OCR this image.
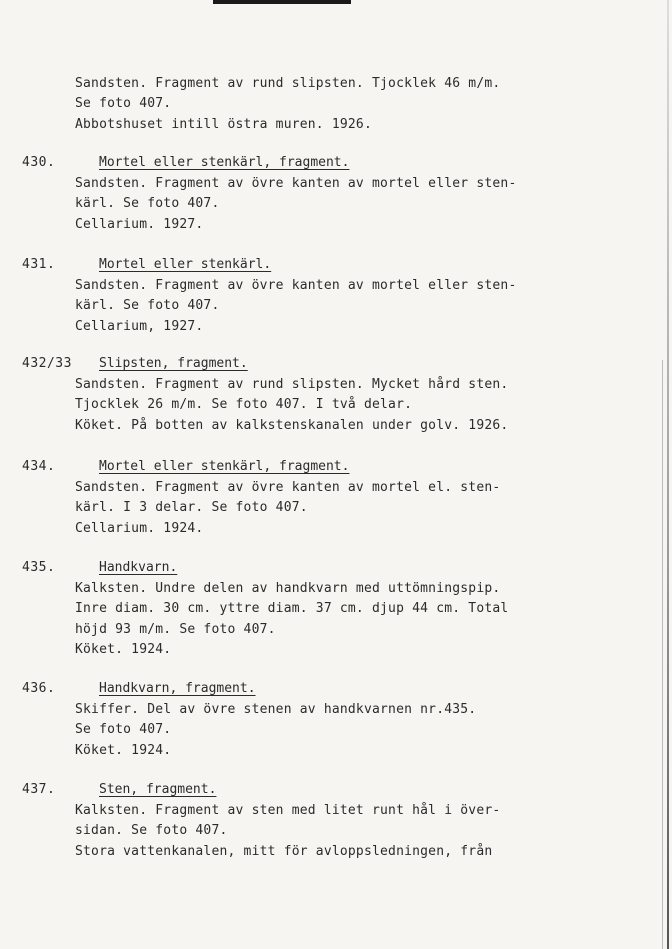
Sandsten. Fragment av rund slipsten. Tjocklek 46 m/m.
Se foto 407.
Abbotshuset intill östra muren. 1926.
430.	Mortel eller stenkärl, fragment.
Sandsten. Fragment av övre kanten av mortel eller sten-
kärl. Se foto 407.
Cellarium. 1927.
431.	Mortel eller stenkärl.
Sandsten. Fragment av övre kanten av mortel eller sten-
kärl. Se foto 407.
Cellarium, 1927.
432/33 Slipsten, fragment.
Sandsten. Fragment av rund slipsten. Mycket hård sten.
Tjocklek 26 m/m. Se foto 407. I två delar.
Köket. På botten av kalkstenskanalen under golv. 1926.
434.	Mortel eller stenkärl, fragment.
Sandsten. Fragment av övre kanten av mortel el. sten-
kärl. I 3 delar. Se foto 407.
Cellarium. 1924.
435.	Handkvarn.
Kalksten. Undre delen av handkvarn med uttömningspip.
Inre diam. 30 cm. yttre diam. 37 cm. djup 44 cm. Total
höjd 93 m/m. Se foto 407.
Köket. 1924.
436.	Handkvarn, fragment.
Skiffer. Del av övre stenen av handkvarnen nr.435.
Se foto 407.
Köket. 1924.
437.	Sten, fragment.
Kalksten. Fragment av sten med litet runt hål i över-
sidan. Se foto 407.
Stora vattenkanalen, mitt för avloppsledningen, från
